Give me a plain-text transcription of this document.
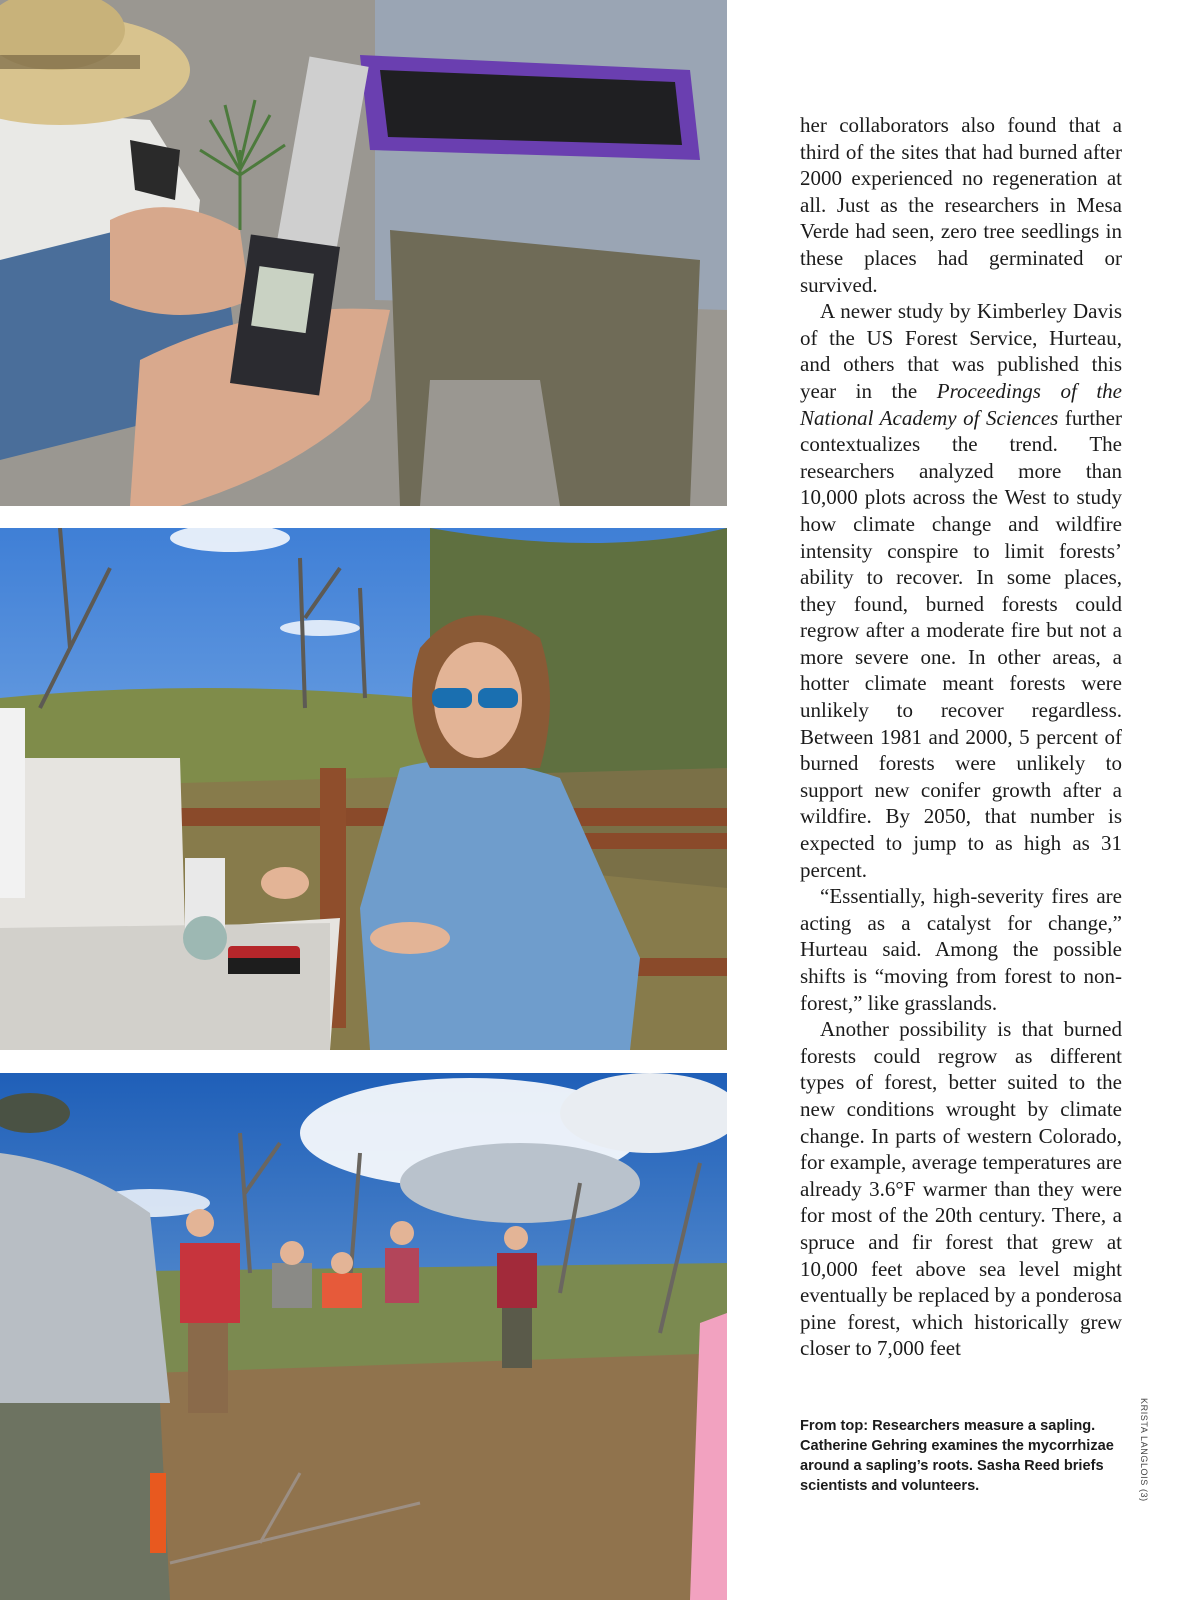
her collaborators also found that a third of the sites that had burned after 2000 experienced no regeneration at all. Just as the researchers in Mesa Verde had seen, zero tree seedlings in these places had germinated or survived.

A newer study by Kimberley Davis of the US Forest Service, Hurteau, and others that was published this year in the Proceedings of the National Academy of Sciences further contextualizes the trend. The researchers analyzed more than 10,000 plots across the West to study how climate change and wildfire intensity conspire to limit forests’ ability to recover. In some places, they found, burned forests could regrow after a moderate fire but not a more severe one. In other areas, a hotter climate meant forests were unlikely to recover regardless. Between 1981 and 2000, 5 percent of burned forests were unlikely to support new conifer growth after a wildfire. By 2050, that number is expected to jump to as high as 31 percent.

“Essentially, high-severity fires are acting as a catalyst for change,” Hurteau said. Among the possible shifts is “moving from forest to non-forest,” like grasslands.

Another possibility is that burned forests could regrow as different types of forest, better suited to the new conditions wrought by climate change. In parts of western Colorado, for example, average temperatures are already 3.6°F warmer than they were for most of the 20th century. There, a spruce and fir forest that grew at 10,000 feet above sea level might eventually be replaced by a ponderosa pine forest, which historically grew closer to 7,000 feet

From top: Researchers measure a sapling. Catherine Gehring examines the mycorrhizae around a sapling’s roots. Sasha Reed briefs scientists and volunteers.	KRISTA LANGLOIS (3)
